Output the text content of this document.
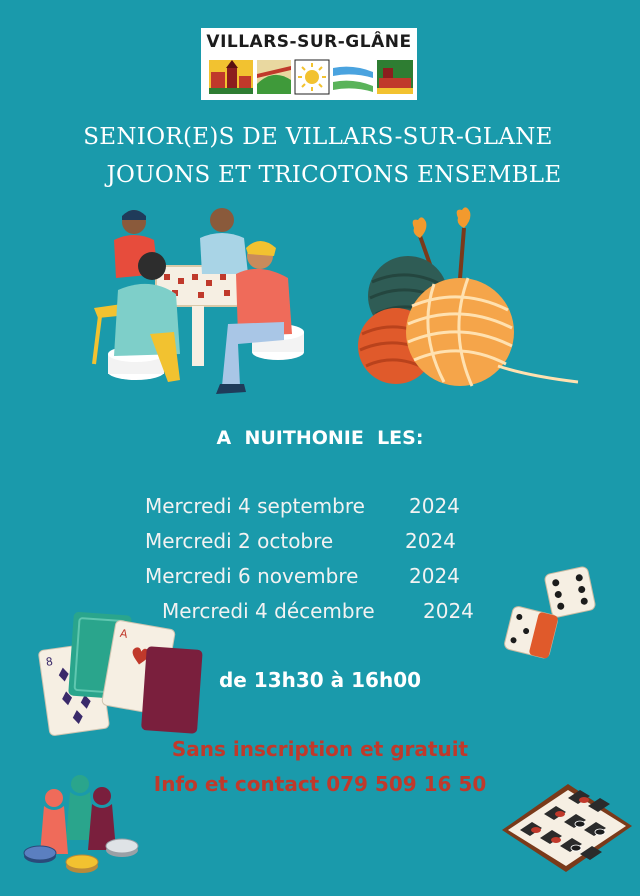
VILLARS-SUR-GLÂNE
SENIOR(E)S DE VILLARS-SUR-GLANE
JOUONS ET TRICOTONS ENSEMBLE
A  NUITHONIE  LES:
Mercredi 4 septembre 2024
Mercredi 2 octobre	2024
Mercredi 6 novembre	2024
Mercredi 4 décembre 2024
8
A
de 13h30 à 16h00
Sans inscription et gratuit
Info et contact 079 509 16 50
